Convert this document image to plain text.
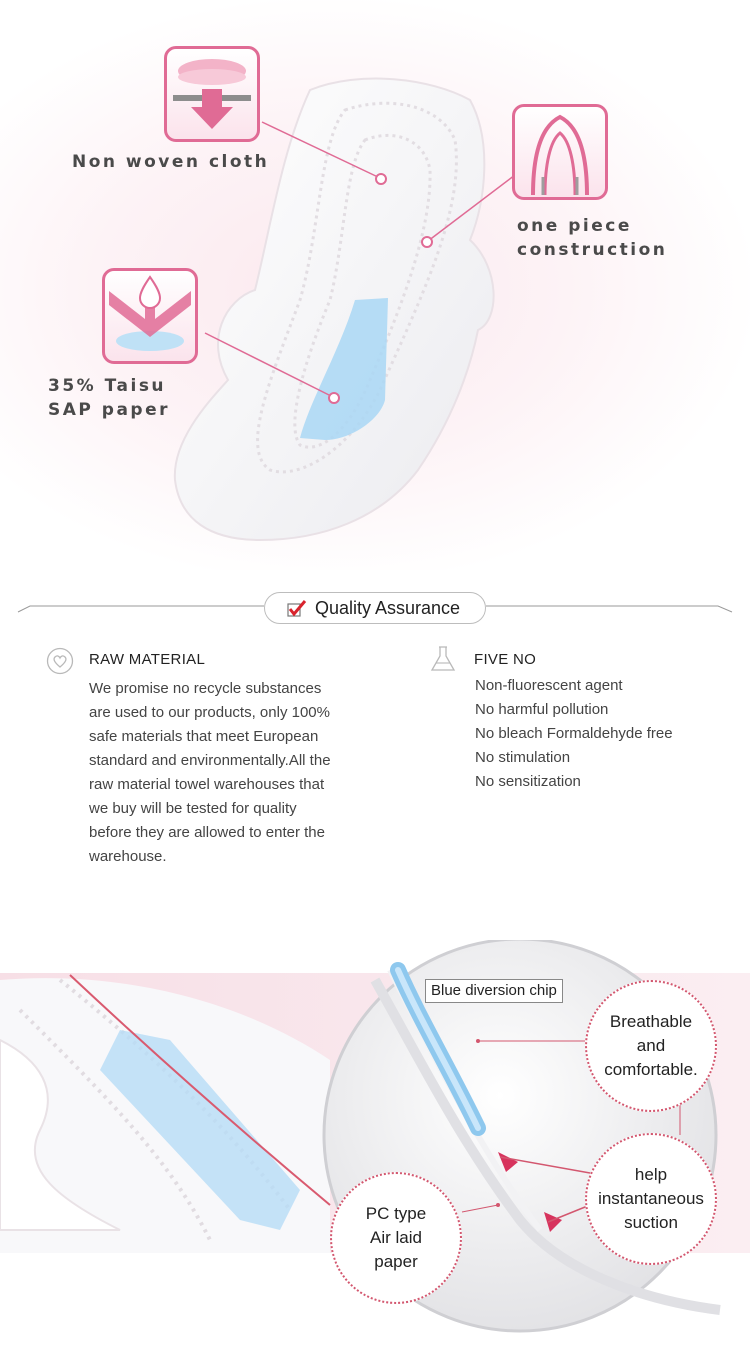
Non woven cloth
one piece
construction
35% Taisu
SAP paper
Quality Assurance
RAW MATERIAL
We promise no recycle substances
are used to our products, only 100%
safe materials that meet European
standard and environmentally.All the
raw material towel warehouses that
we buy will be tested for quality
before they are allowed to enter the
warehouse.
FIVE NO
Non-fluorescent agent
No harmful pollution
No bleach Formaldehyde free
No stimulation
No sensitization
Blue diversion chip
Breathable
and
comfortable.
help
instantaneous
suction
PC type
Air laid
paper
